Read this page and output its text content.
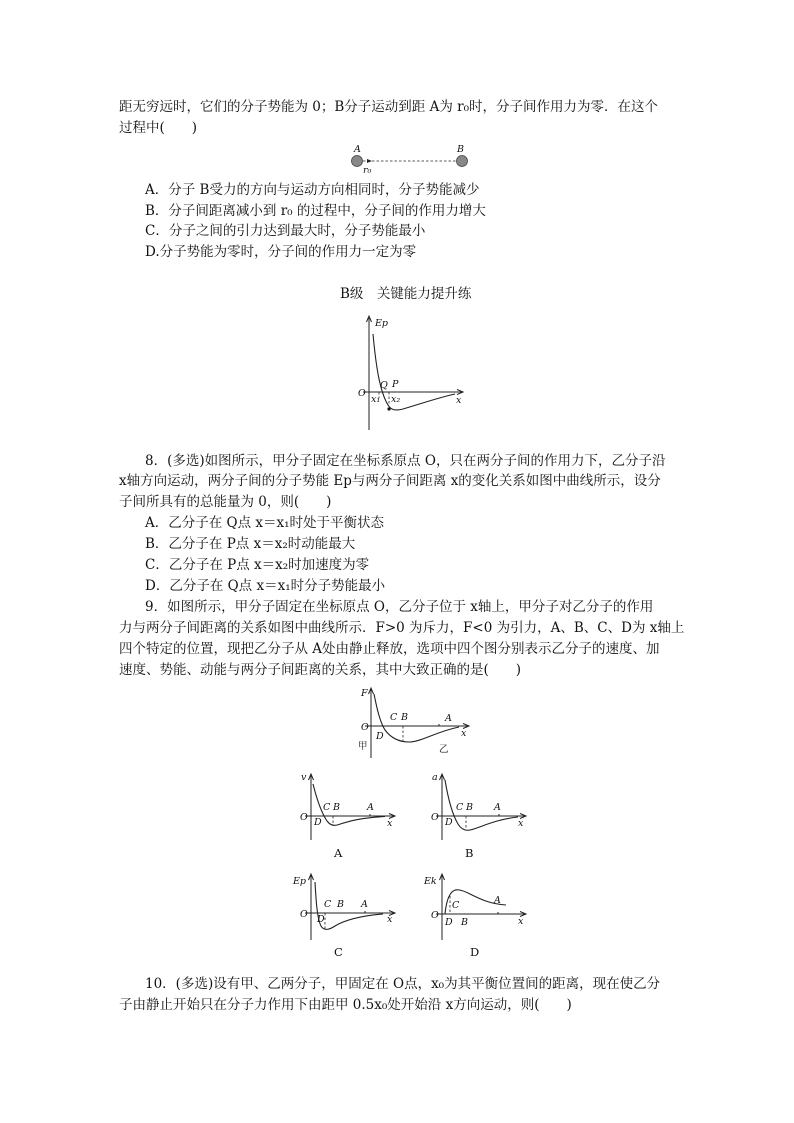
距无穷远时，它们的分子势能为 0；B分子运动到距 A为 r₀时，分子间作用力为零．在这个
过程中(　　)
A	B
r₀
A．分子 B受力的方向与运动方向相同时，分子势能减少
B．分子间距离减小到 r₀ 的过程中，分子间的作用力增大
C．分子之间的引力达到最大时，分子势能最小
D.分子势能为零时，分子间的作用力一定为零
B级　关键能力提升练
Ep
O
x
Q P
x₁ x₂
8．(多选)如图所示，甲分子固定在坐标系原点 O，只在两分子间的作用力下，乙分子沿
x轴方向运动，两分子间的分子势能 Ep与两分子间距离 x的变化关系如图中曲线所示，设分
子间所具有的总能量为 0，则(　　)
A．乙分子在 Q点 x＝x₁时处于平衡状态
B．乙分子在 P点 x＝x₂时动能最大
C．乙分子在 P点 x＝x₂时加速度为零
D．乙分子在 Q点 x＝x₁时分子势能最小
9．如图所示，甲分子固定在坐标原点 O，乙分子位于 x轴上，甲分子对乙分子的作用
力与两分子间距离的关系如图中曲线所示．F>0 为斥力，F<0 为引力，A、B、C、D为 x轴上
四个特定的位置，现把乙分子从 A处由静止释放，选项中四个图分别表示乙分子的速度、加
速度、势能、动能与两分子间距离的关系，其中大致正确的是(　　)
F
O
x
C B	A
D
甲	乙
v
O
x
C B	A
D
A
a
O
x
C B A
D
B
Ep
O	x
C B A
D
C
Ek
O
x
C
B
A
D
D
10．(多选)设有甲、乙两分子，甲固定在 O点，x₀为其平衡位置间的距离，现在使乙分
子由静止开始只在分子力作用下由距甲 0.5x₀处开始沿 x方向运动，则(　　)
